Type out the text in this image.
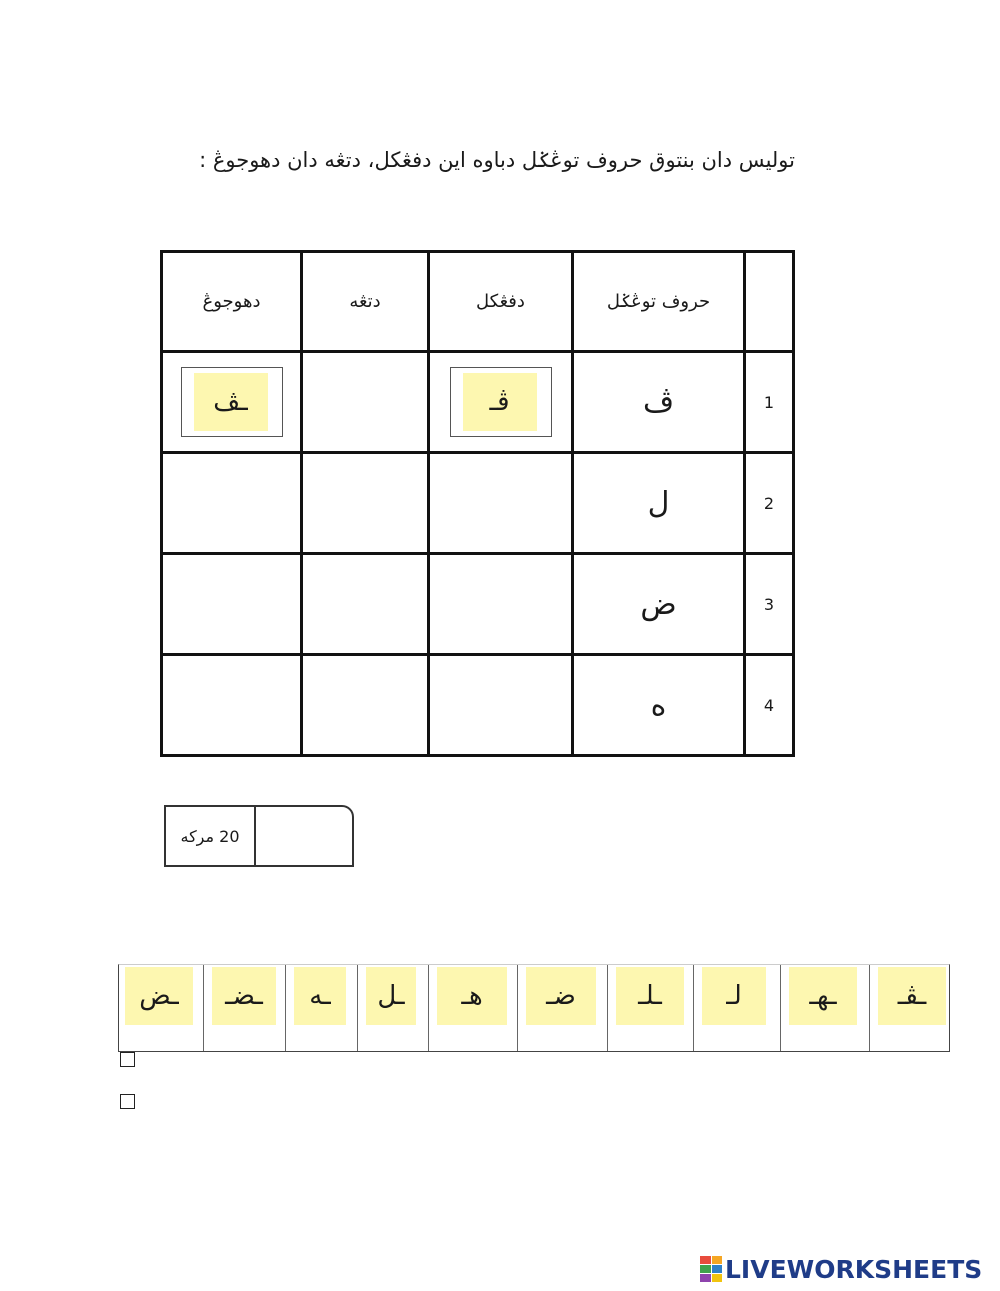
توليس دان بنتوق حروف توڠݢل دباوه اين دفڠكل، دتڠه دان دهوجوڠ :
دهوجوڠ	دتڠه	دفڠكل	حروف توڠݢل	

ـڤ		ڤـ	ڤ	1
			ل	2
			ض	3
			ه	4
20 مركه
ـض	ـضـ	ـه	ـل	هـ	ضـ	ـلـ	لـ	ـهـ	ـڤـ
LIVEWORKSHEETS
